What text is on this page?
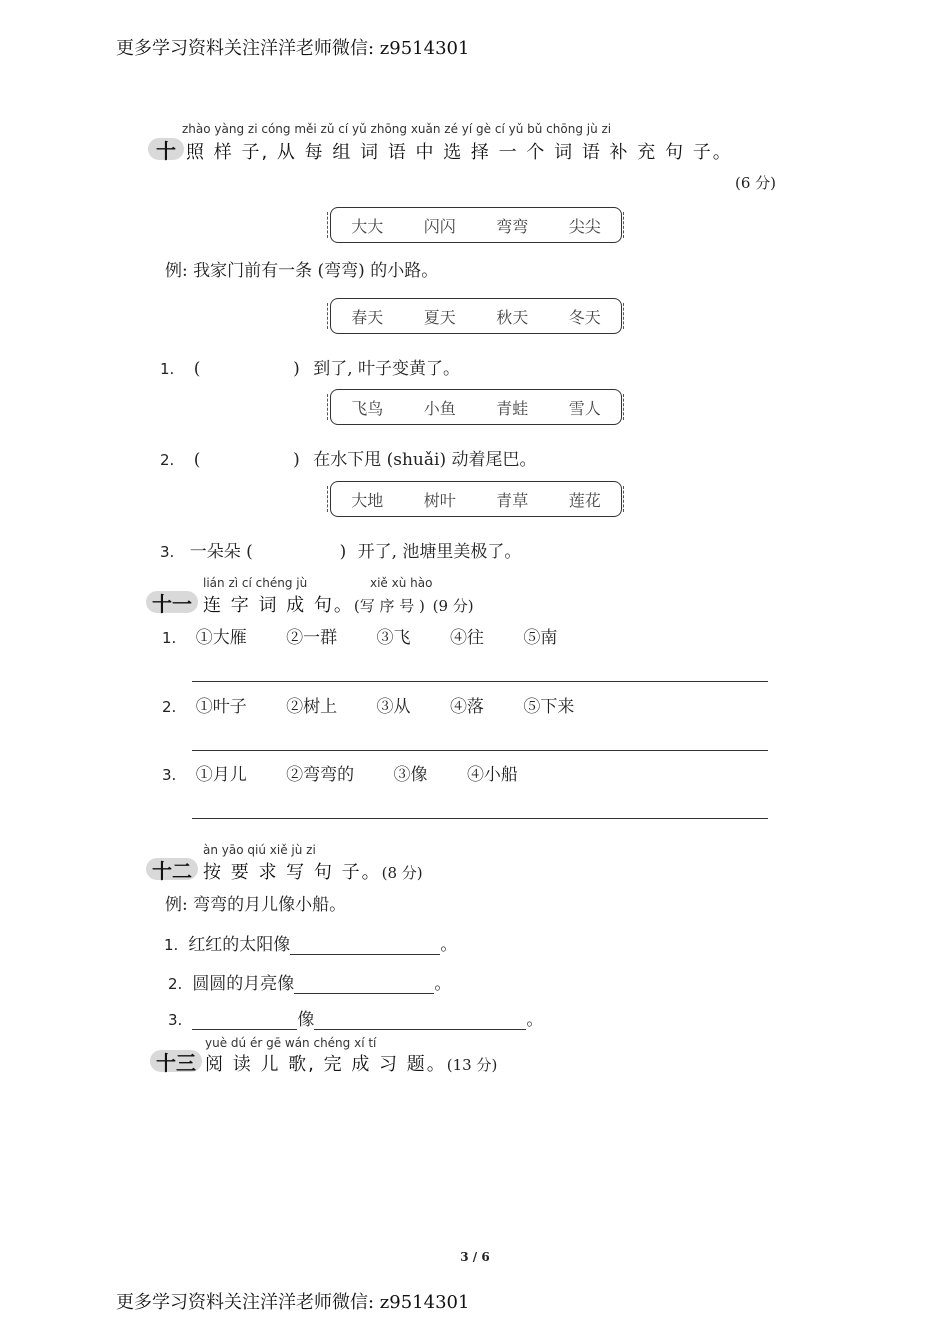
更多学习资料关注洋洋老师微信: z9514301
zhào yàng zi cóng měi zǔ cí yǔ zhōng xuǎn zé yí gè cí yǔ bǔ chōng jù zi
十 照 样 子, 从 每 组 词 语 中 选 择 一 个 词 语 补 充 句 子。
(6 分)
大大	闪闪	弯弯	尖尖
例: 我家门前有一条 (弯弯) 的小路。
春天	夏天	秋天	冬天
1. (	) 到了, 叶子变黄了。
飞鸟	小鱼	青蛙	雪人
2. (	) 在水下甩 (shuǎi) 动着尾巴。
大地	树叶	青草	莲花
3. 一朵朵 (	) 开了, 池塘里美极了。
lián zì cí chéng jù	xiě xù hào
十一 连 字 词 成 句。(写 序 号 ) (9 分)
1. ①大雁 ②一群 ③飞 ④往 ⑤南
2. ①叶子 ②树上 ③从 ④落 ⑤下来
3. ①月儿 ②弯弯的 ③像 ④小船
àn yāo qiú xiě jù zi
十二 按 要 求 写 句 子。(8 分)
例: 弯弯的月儿像小船。
1. 红红的太阳像	。
2. 圆圆的月亮像	。
3.	像	。
yuè dú ér gē wán chéng xí tí
十三 阅 读 儿 歌, 完 成 习 题。(13 分)
3 / 6
更多学习资料关注洋洋老师微信: z9514301
